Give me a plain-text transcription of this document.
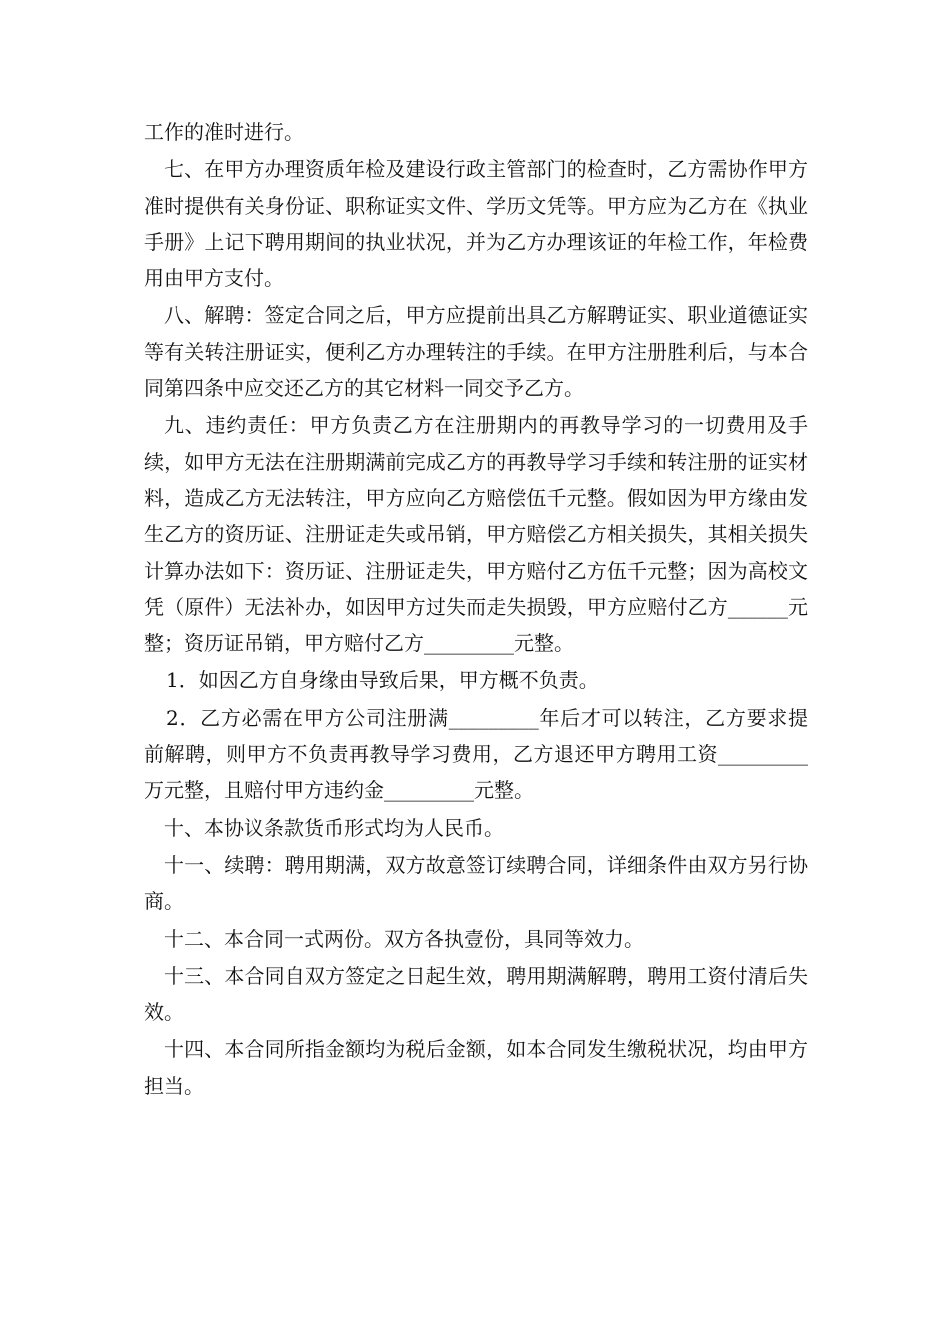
工作的准时进行。

七、在甲方办理资质年检及建设行政主管部门的检查时，乙方需协作甲方准时提供有关身份证、职称证实文件、学历文凭等。甲方应为乙方在《执业手册》上记下聘用期间的执业状况，并为乙方办理该证的年检工作，年检费用由甲方支付。

八、解聘：签定合同之后，甲方应提前出具乙方解聘证实、职业道德证实等有关转注册证实，便利乙方办理转注的手续。在甲方注册胜利后，与本合同第四条中应交还乙方的其它材料一同交予乙方。

九、违约责任：甲方负责乙方在注册期内的再教导学习的一切费用及手续，如甲方无法在注册期满前完成乙方的再教导学习手续和转注册的证实材料，造成乙方无法转注，甲方应向乙方赔偿伍千元整。假如因为甲方缘由发生乙方的资历证、注册证走失或吊销，甲方赔偿乙方相关损失，其相关损失计算办法如下：资历证、注册证走失，甲方赔付乙方伍千元整；因为高校文凭（原件）无法补办，如因甲方过失而走失损毁，甲方应赔付乙方______元整；资历证吊销，甲方赔付乙方_________元整。

1．如因乙方自身缘由导致后果，甲方概不负责。

2．乙方必需在甲方公司注册满_________年后才可以转注，乙方要求提前解聘，则甲方不负责再教导学习费用，乙方退还甲方聘用工资_________万元整，且赔付甲方违约金_________元整。

十、本协议条款货币形式均为人民币。

十一、续聘：聘用期满，双方故意签订续聘合同，详细条件由双方另行协商。

十二、本合同一式两份。双方各执壹份，具同等效力。

十三、本合同自双方签定之日起生效，聘用期满解聘，聘用工资付清后失效。

十四、本合同所指金额均为税后金额，如本合同发生缴税状况，均由甲方担当。
